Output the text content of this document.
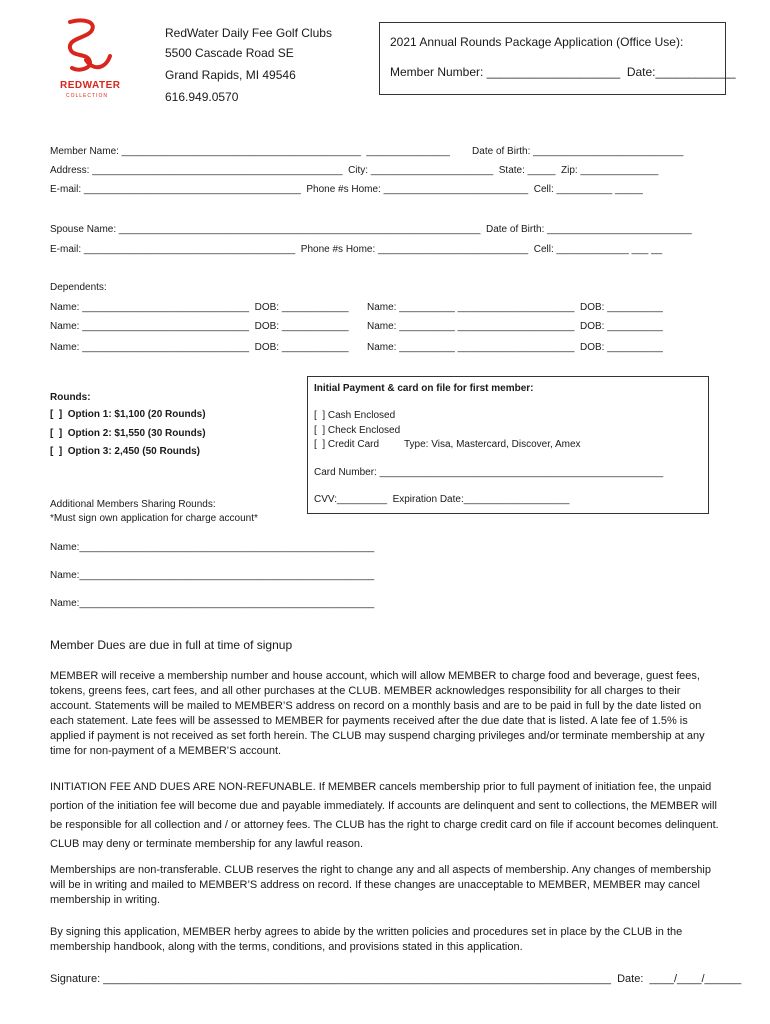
REDWATER
COLLECTION
RedWater Daily Fee Golf Clubs
5500 Cascade Road SE
Grand Rapids, MI 49546
616.949.0570
2021 Annual Rounds Package Application (Office Use):
Member Number: ____________________  Date:____________
Member Name: ___________________________________________  _______________        Date of Birth: ___________________________
Address: _____________________________________________  City: ______________________  State: _____  Zip: ______________
E-mail: _______________________________________  Phone #s Home: __________________________  Cell: __________ _____
Spouse Name: _________________________________________________________________  Date of Birth: __________________________
E-mail: ______________________________________  Phone #s Home: ___________________________  Cell: _____________ ___ __
Dependents:
Name: ______________________________  DOB: ____________ Name: __________ _____________________  DOB: __________
Name: ______________________________  DOB: ____________ Name: __________ _____________________  DOB: __________
Name: ______________________________  DOB: ____________ Name: __________ _____________________  DOB: __________
Rounds:
[  ]  Option 1: $1,100 (20 Rounds)
[  ]  Option 2: $1,550 (30 Rounds)
[  ]  Option 3: 2,450 (50 Rounds)
Additional Members Sharing Rounds:
*Must sign own application for charge account*
Name:_____________________________________________________
Name:_____________________________________________________
Name:_____________________________________________________
Initial Payment & card on file for first member:
[  ] Cash Enclosed
[  ] Check Enclosed
[  ] Credit Card Type: Visa, Mastercard, Discover, Amex
Card Number: ___________________________________________________
CVV:_________  Expiration Date:___________________
Member Dues are due in full at time of signup
MEMBER will receive a membership number and house account, which will allow MEMBER to charge food and beverage, guest fees, tokens, greens fees, cart fees, and all other purchases at the CLUB. MEMBER acknowledges responsibility for all charges to their account. Statements will be mailed to MEMBER’S address on record on a monthly basis and are to be paid in full by the date listed on each statement. Late fees will be assessed to MEMBER for payments received after the due date that is listed. A late fee of 1.5% is applied if payment is not received as set forth herein. The CLUB may suspend charging privileges and/or terminate membership at any time for non-payment of a MEMBER’S account.
INITIATION FEE AND DUES ARE NON-REFUNABLE. If MEMBER cancels membership prior to full payment of initiation fee, the unpaid portion of the initiation fee will become due and payable immediately. If accounts are delinquent and sent to collections, the MEMBER will be responsible for all collection and / or attorney fees. The CLUB has the right to charge credit card on file if account becomes delinquent. CLUB may deny or terminate membership for any lawful reason.
Memberships are non-transferable. CLUB reserves the right to change any and all aspects of membership. Any changes of membership will be in writing and mailed to MEMBER’S address on record. If these changes are unacceptable to MEMBER, MEMBER may cancel membership in writing.
By signing this application, MEMBER herby agrees to abide by the written policies and procedures set in place by the CLUB in the membership handbook, along with the terms, conditions, and provisions stated in this application.
Signature: ___________________________________________________________________________________  Date:  ____/____/______
